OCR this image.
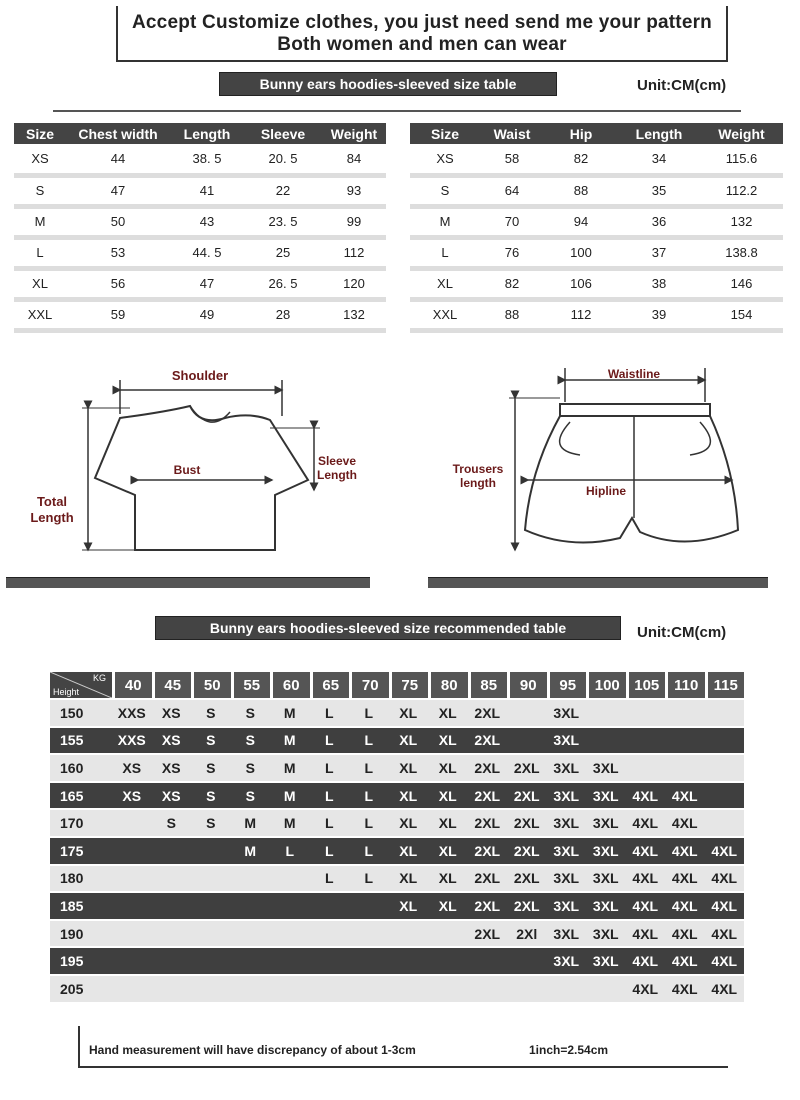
Accept Customize clothes, you just need send me your pattern
Both women and men can wear
Bunny ears hoodies-sleeved size table	Unit:CM(cm)
Size	Chest width	Length	Sleeve	Weight
XS	44	38. 5	20. 5	84
S	47	41	22	93
M	50	43	23. 5	99
L	53	44. 5	25	112
XL	56	47	26. 5	120
XXL	59	49	28	132
Size	Waist	Hip	Length	Weight
XS	58	82	34	115.6
S	64	88	35	112.2
M	70	94	36	132
L	76	100	37	138.8
XL	82	106	38	146
XXL	88	112	39	154
Shoulder
Bust
Sleeve Length
Total Length
Waistline
Hipline
Trousers length
Bunny ears hoodies-sleeved size recommended table	Unit:CM(cm)
KG
Height	40	45	50	55	60	65	70	75	80	85	90	95	100	105	110	115
150	XXS	XS	S	S	M	L	L	XL	XL	2XL		3XL				
155	XXS	XS	S	S	M	L	L	XL	XL	2XL		3XL				
160	XS	XS	S	S	M	L	L	XL	XL	2XL	2XL	3XL	3XL			
165	XS	XS	S	S	M	L	L	XL	XL	2XL	2XL	3XL	3XL	4XL	4XL	
170		S	S	M	M	L	L	XL	XL	2XL	2XL	3XL	3XL	4XL	4XL	
175				M	L	L	L	XL	XL	2XL	2XL	3XL	3XL	4XL	4XL	4XL
180						L	L	XL	XL	2XL	2XL	3XL	3XL	4XL	4XL	4XL
185								XL	XL	2XL	2XL	3XL	3XL	4XL	4XL	4XL
190										2XL	2Xl	3XL	3XL	4XL	4XL	4XL
195												3XL	3XL	4XL	4XL	4XL
205														4XL	4XL	4XL
Hand measurement will have discrepancy of about 1-3cm	1inch=2.54cm
